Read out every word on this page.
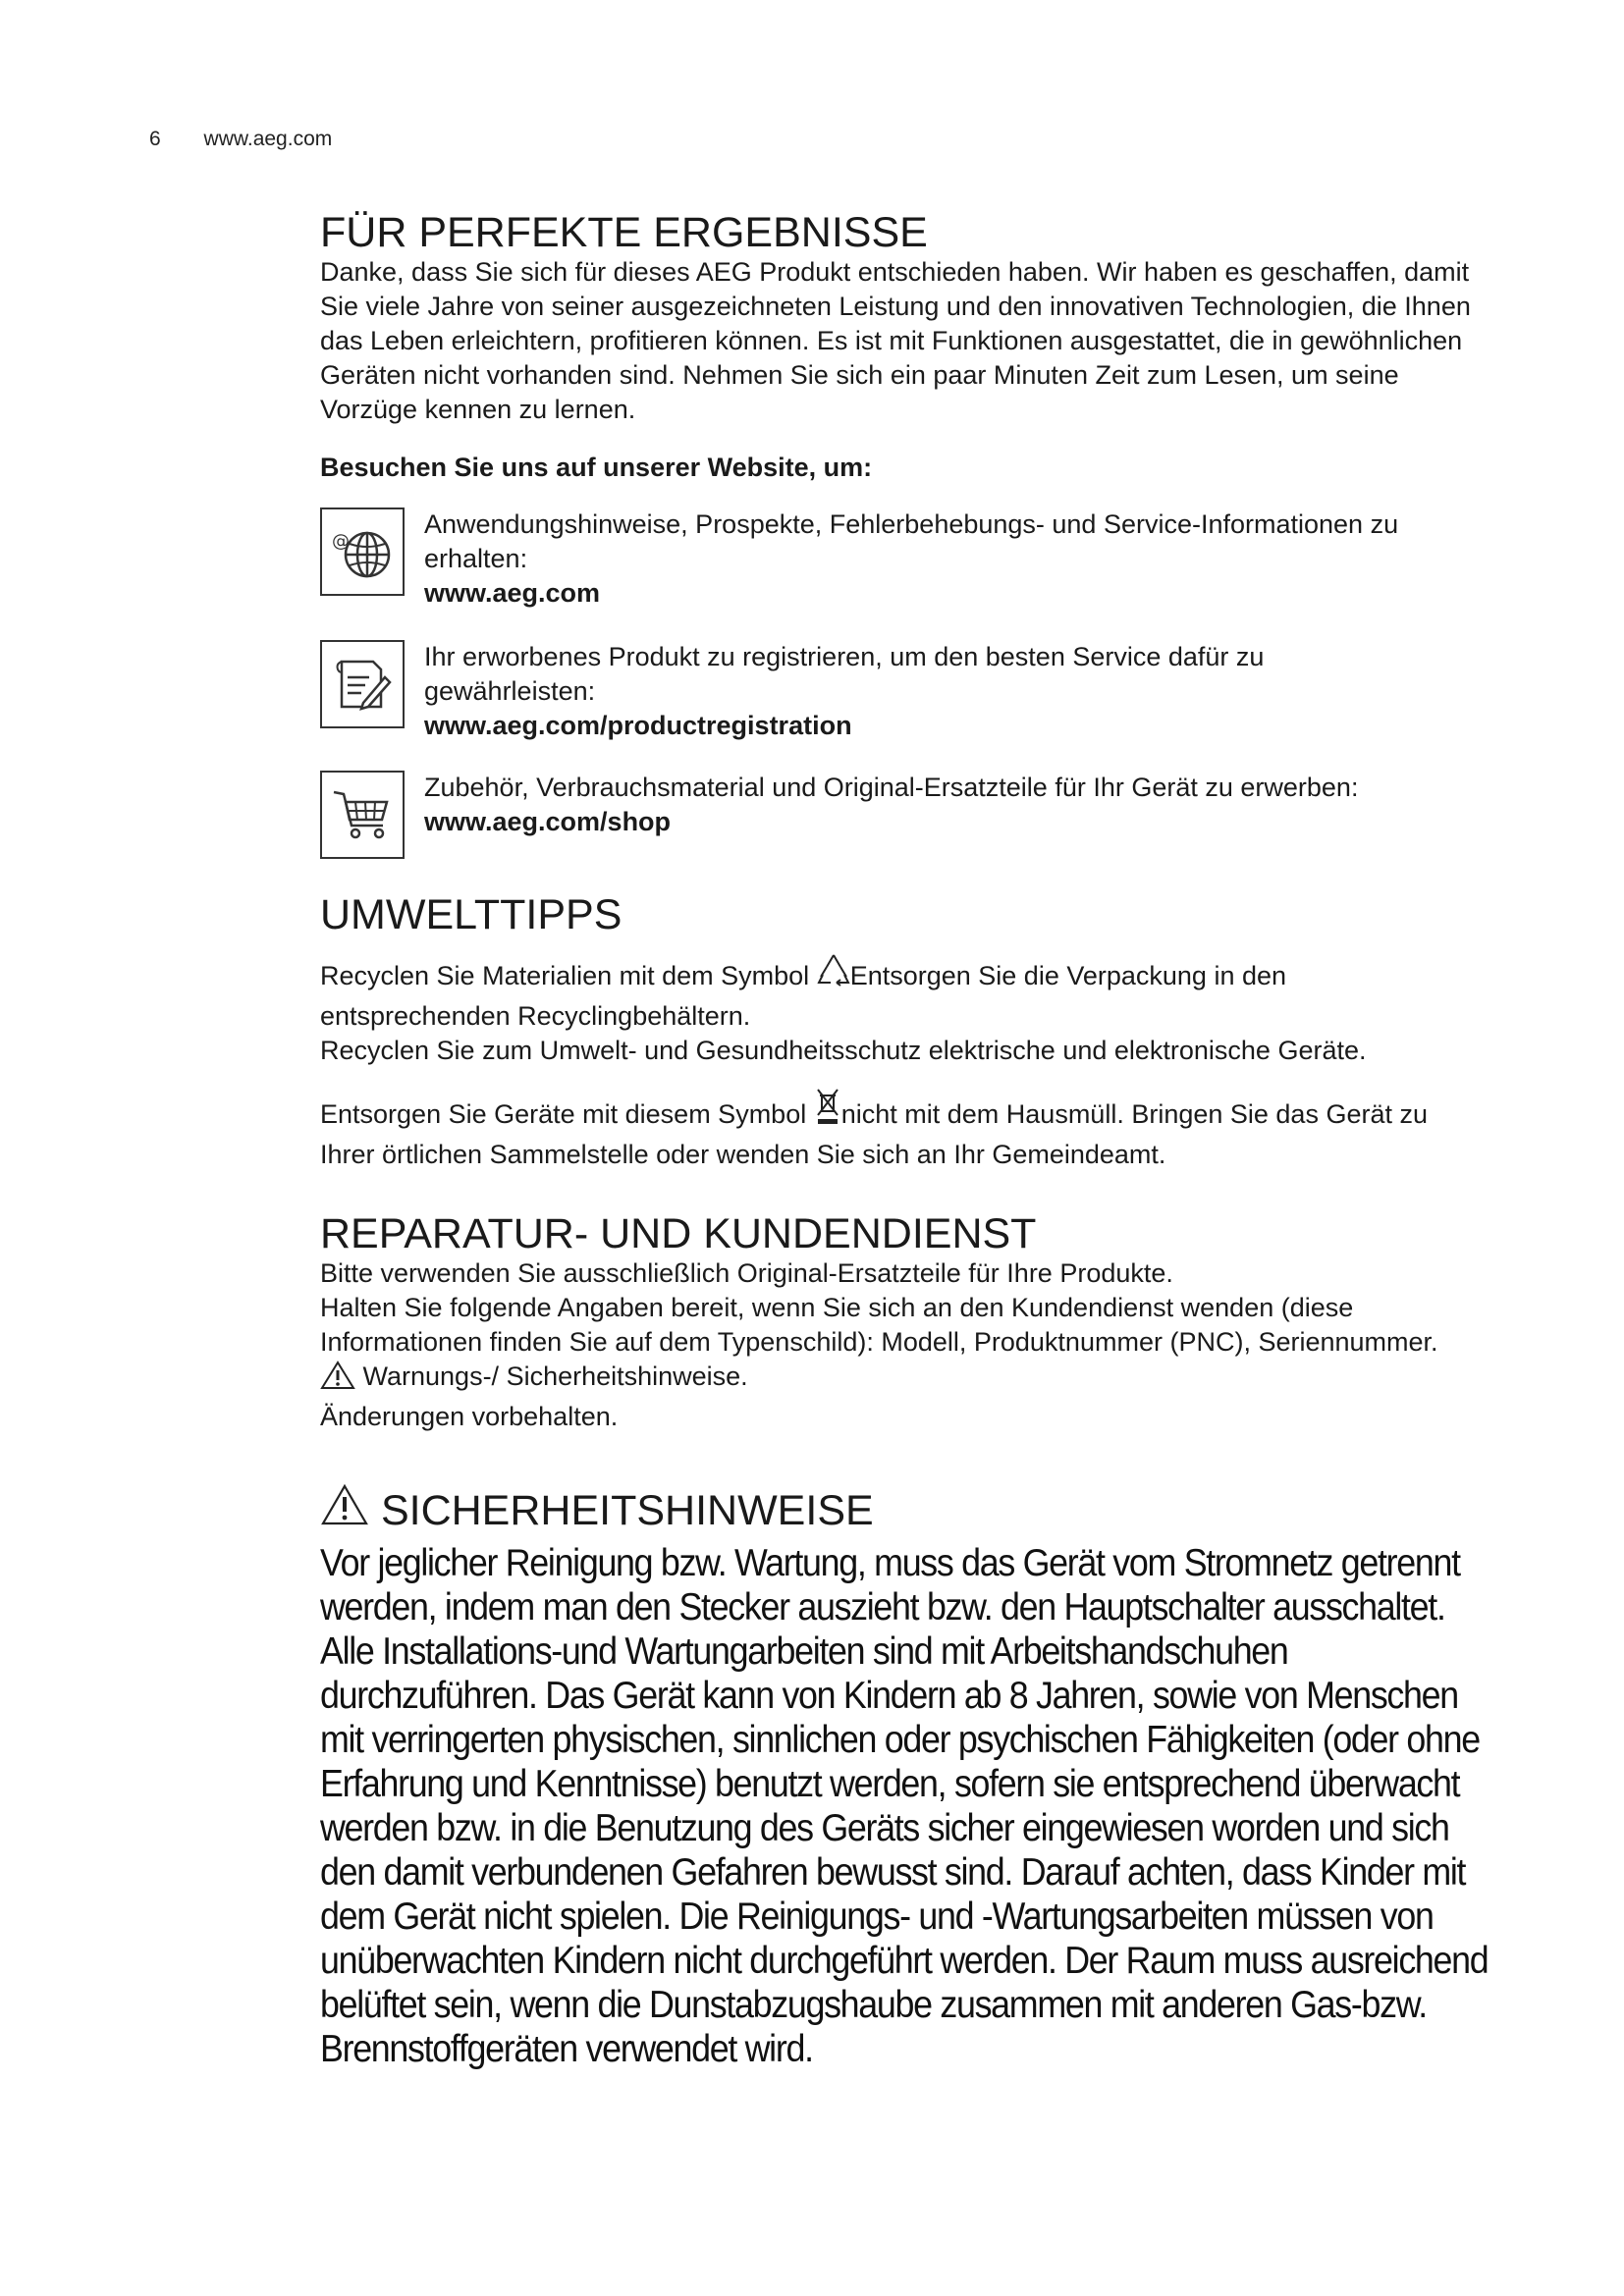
6 www.aeg.com
FÜR PERFEKTE ERGEBNISSE

Danke, dass Sie sich für dieses AEG Produkt entschieden haben. Wir haben es geschaffen, damit Sie viele Jahre von seiner ausgezeichneten Leistung und den innovativen Technologien, die Ihnen das Leben erleichtern, profitieren können. Es ist mit Funktionen ausgestattet, die in gewöhnlichen Geräten nicht vorhanden sind. Nehmen Sie sich ein paar Minuten Zeit zum Lesen, um seine Vorzüge kennen zu lernen.

Besuchen Sie uns auf unserer Website, um:
@
Anwendungshinweise, Prospekte, Fehlerbehebungs- und Service-Informationen zu erhalten:
www.aeg.com
Ihr erworbenes Produkt zu registrieren, um den besten Service dafür zu gewährleisten:
www.aeg.com/productregistration
Zubehör, Verbrauchsmaterial und Original-Ersatzteile für Ihr Gerät zu erwerben:
www.aeg.com/shop
UMWELTTIPPS

Recyclen Sie Materialien mit dem Symbol Entsorgen Sie die Verpackung in den entsprechenden Recyclingbehältern.

Recyclen Sie zum Umwelt- und Gesundheitsschutz elektrische und elektronische Geräte.

Entsorgen Sie Geräte mit diesem Symbol nicht mit dem Hausmüll. Bringen Sie das Gerät zu Ihrer örtlichen Sammelstelle oder wenden Sie sich an Ihr Gemeindeamt.

REPARATUR- UND KUNDENDIENST

Bitte verwenden Sie ausschließlich Original-Ersatzteile für Ihre Produkte.

Halten Sie folgende Angaben bereit, wenn Sie sich an den Kundendienst wenden (diese Informationen finden Sie auf dem Typenschild): Modell, Produktnummer (PNC), Seriennummer.

Warnungs-/ Sicherheitshinweise.

Änderungen vorbehalten.

SICHERHEITSHINWEISE

Vor jeglicher Reinigung bzw. Wartung, muss das Gerät vom Stromnetz getrennt werden, indem man den Stecker auszieht bzw. den Hauptschalter ausschaltet. Alle Installations-und Wartungarbeiten sind mit Arbeitshandschuhen durchzuführen. Das Gerät kann von Kindern ab 8 Jahren, sowie von Menschen mit verringerten physischen, sinnlichen oder psychischen Fähigkeiten (oder ohne Erfahrung und Kenntnisse) benutzt werden, sofern sie entsprechend überwacht werden bzw. in die Benutzung des Geräts sicher eingewiesen worden und sich den damit verbundenen Gefahren bewusst sind. Darauf achten, dass Kinder mit dem Gerät nicht spielen. Die Reinigungs- und -Wartungsarbeiten müssen von unüberwachten Kindern nicht durchgeführt werden. Der Raum muss ausreichend belüftet sein, wenn die Dunstabzugshaube zusammen mit anderen Gas-bzw. Brennstoffgeräten verwendet wird.
